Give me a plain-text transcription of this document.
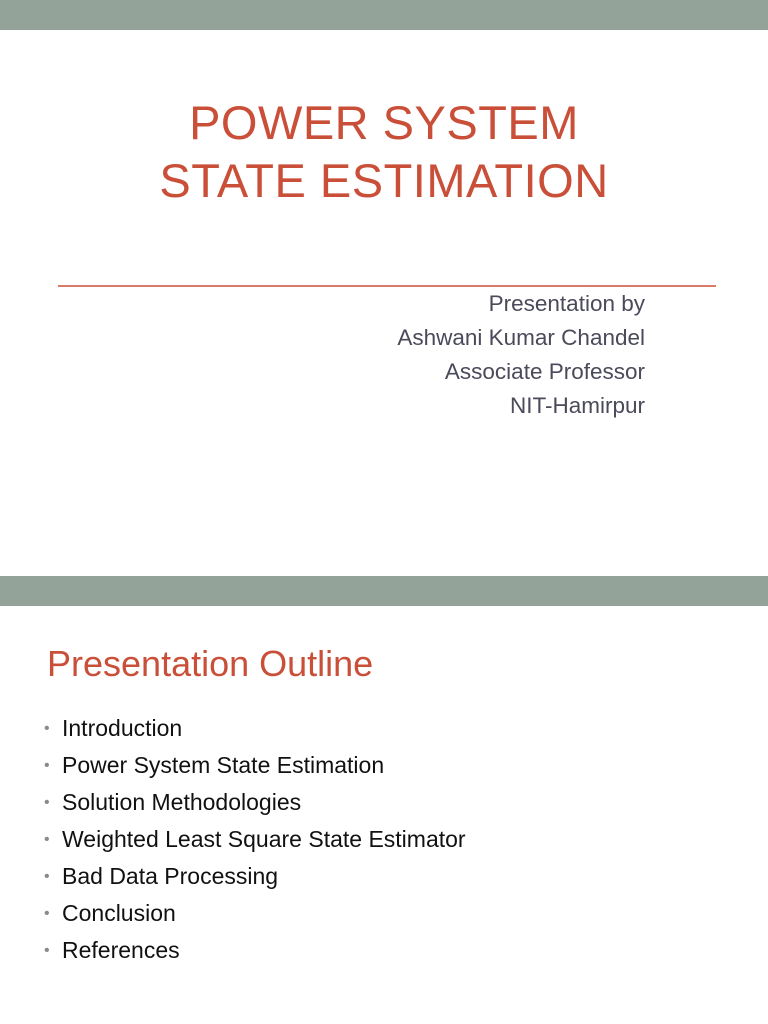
POWER SYSTEM
STATE ESTIMATION
Presentation by
Ashwani Kumar Chandel
Associate Professor
NIT-Hamirpur
Presentation Outline
• Introduction
• Power System State Estimation
• Solution Methodologies
• Weighted Least Square State Estimator
• Bad Data Processing
• Conclusion
• References
